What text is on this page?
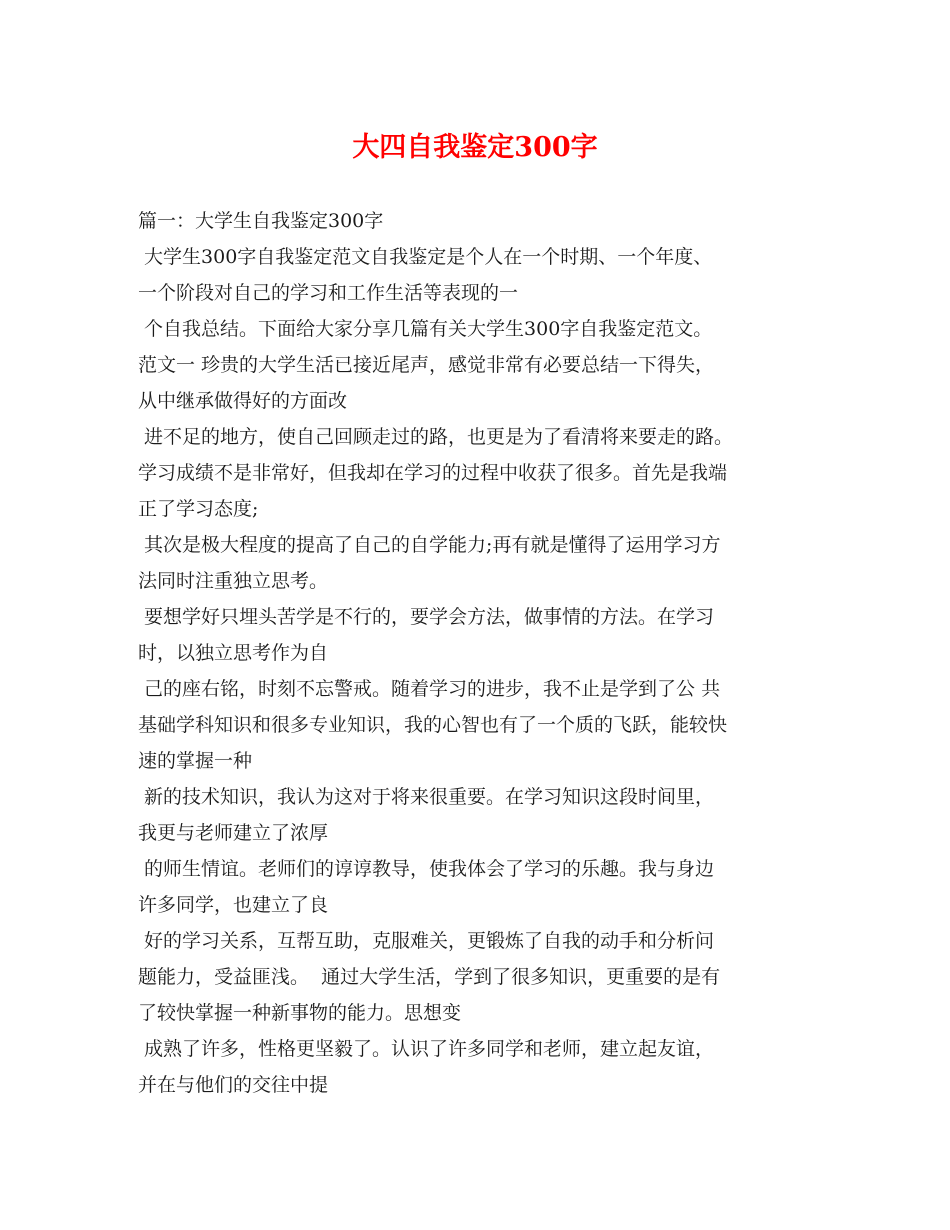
大四自我鉴定300字

篇一：大学生自我鉴定300字

大学生300字自我鉴定范文自我鉴定是个人在一个时期、一个年度、

一个阶段对自己的学习和工作生活等表现的一

个自我总结。下面给大家分享几篇有关大学生300字自我鉴定范文。

范文一 珍贵的大学生活已接近尾声，感觉非常有必要总结一下得失，

从中继承做得好的方面改

进不足的地方，使自己回顾走过的路，也更是为了看清将来要走的路。

学习成绩不是非常好，但我却在学习的过程中收获了很多。首先是我端

正了学习态度;

其次是极大程度的提高了自己的自学能力;再有就是懂得了运用学习方

法同时注重独立思考。

要想学好只埋头苦学是不行的，要学会方法，做事情的方法。在学习

时，以独立思考作为自

己的座右铭，时刻不忘警戒。随着学习的进步，我不止是学到了公 共

基础学科知识和很多专业知识，我的心智也有了一个质的飞跃，能较快

速的掌握一种

新的技术知识，我认为这对于将来很重要。在学习知识这段时间里，

我更与老师建立了浓厚

的师生情谊。老师们的谆谆教导，使我体会了学习的乐趣。我与身边

许多同学，也建立了良

好的学习关系，互帮互助，克服难关，更锻炼了自我的动手和分析问

题能力，受益匪浅。  通过大学生活，学到了很多知识，更重要的是有

了较快掌握一种新事物的能力。思想变

成熟了许多，性格更坚毅了。认识了许多同学和老师，建立起友谊，

并在与他们的交往中提
